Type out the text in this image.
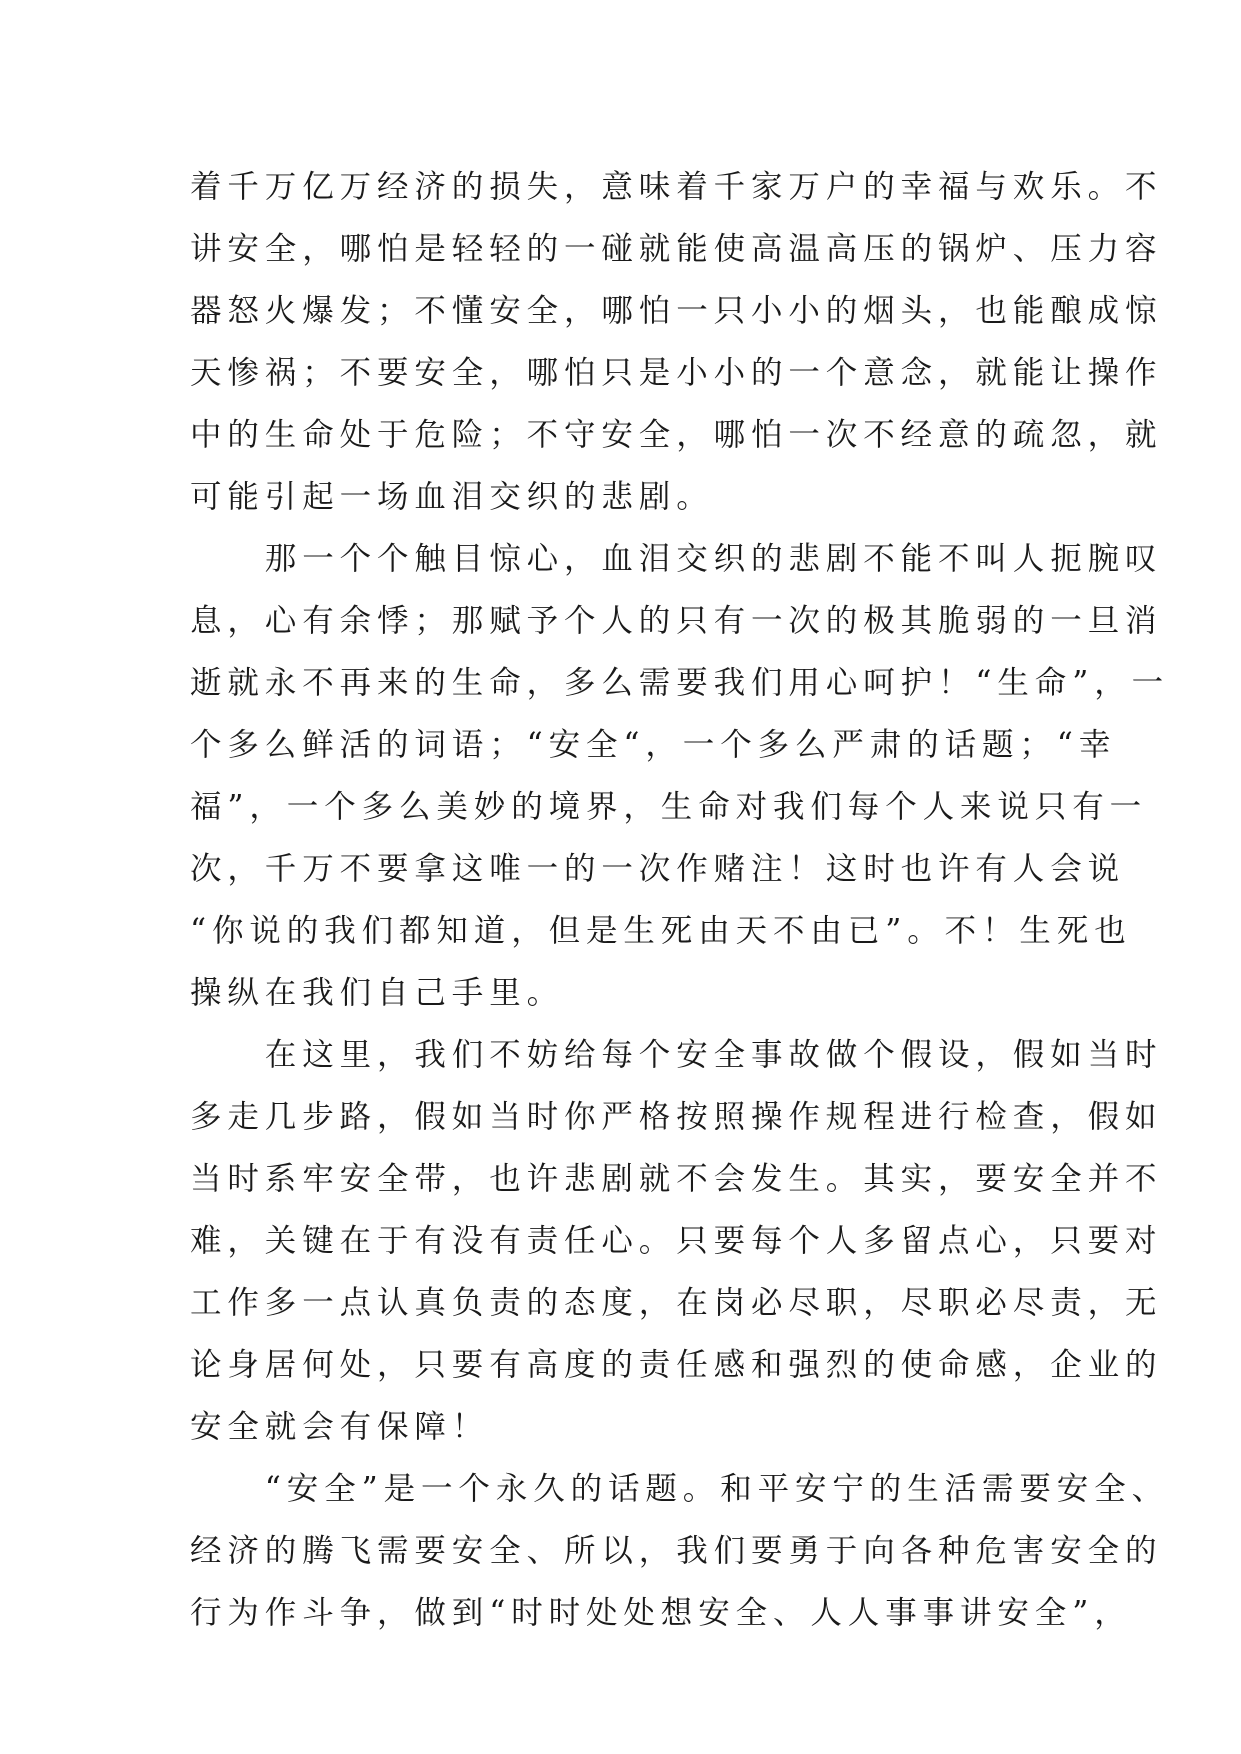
着千万亿万经济的损失，意味着千家万户的幸福与欢乐。不
讲安全，哪怕是轻轻的一碰就能使高温高压的锅炉、压力容
器怒火爆发；不懂安全，哪怕一只小小的烟头，也能酿成惊
天惨祸；不要安全，哪怕只是小小的一个意念，就能让操作
中的生命处于危险；不守安全，哪怕一次不经意的疏忽，就
可能引起一场血泪交织的悲剧。
　　那一个个触目惊心，血泪交织的悲剧不能不叫人扼腕叹
息，心有余悸；那赋予个人的只有一次的极其脆弱的一旦消
逝就永不再来的生命，多么需要我们用心呵护！“生命”，一
个多么鲜活的词语；“安全“，一个多么严肃的话题；“幸
福”，一个多么美妙的境界，生命对我们每个人来说只有一
次，千万不要拿这唯一的一次作赌注！这时也许有人会说
“你说的我们都知道，但是生死由天不由已”。不！生死也
操纵在我们自己手里。
　　在这里，我们不妨给每个安全事故做个假设，假如当时
多走几步路，假如当时你严格按照操作规程进行检查，假如
当时系牢安全带，也许悲剧就不会发生。其实，要安全并不
难，关键在于有没有责任心。只要每个人多留点心，只要对
工作多一点认真负责的态度，在岗必尽职，尽职必尽责，无
论身居何处，只要有高度的责任感和强烈的使命感，企业的
安全就会有保障！
　　“安全”是一个永久的话题。和平安宁的生活需要安全、
经济的腾飞需要安全、所以，我们要勇于向各种危害安全的
行为作斗争，做到“时时处处想安全、人人事事讲安全”，
